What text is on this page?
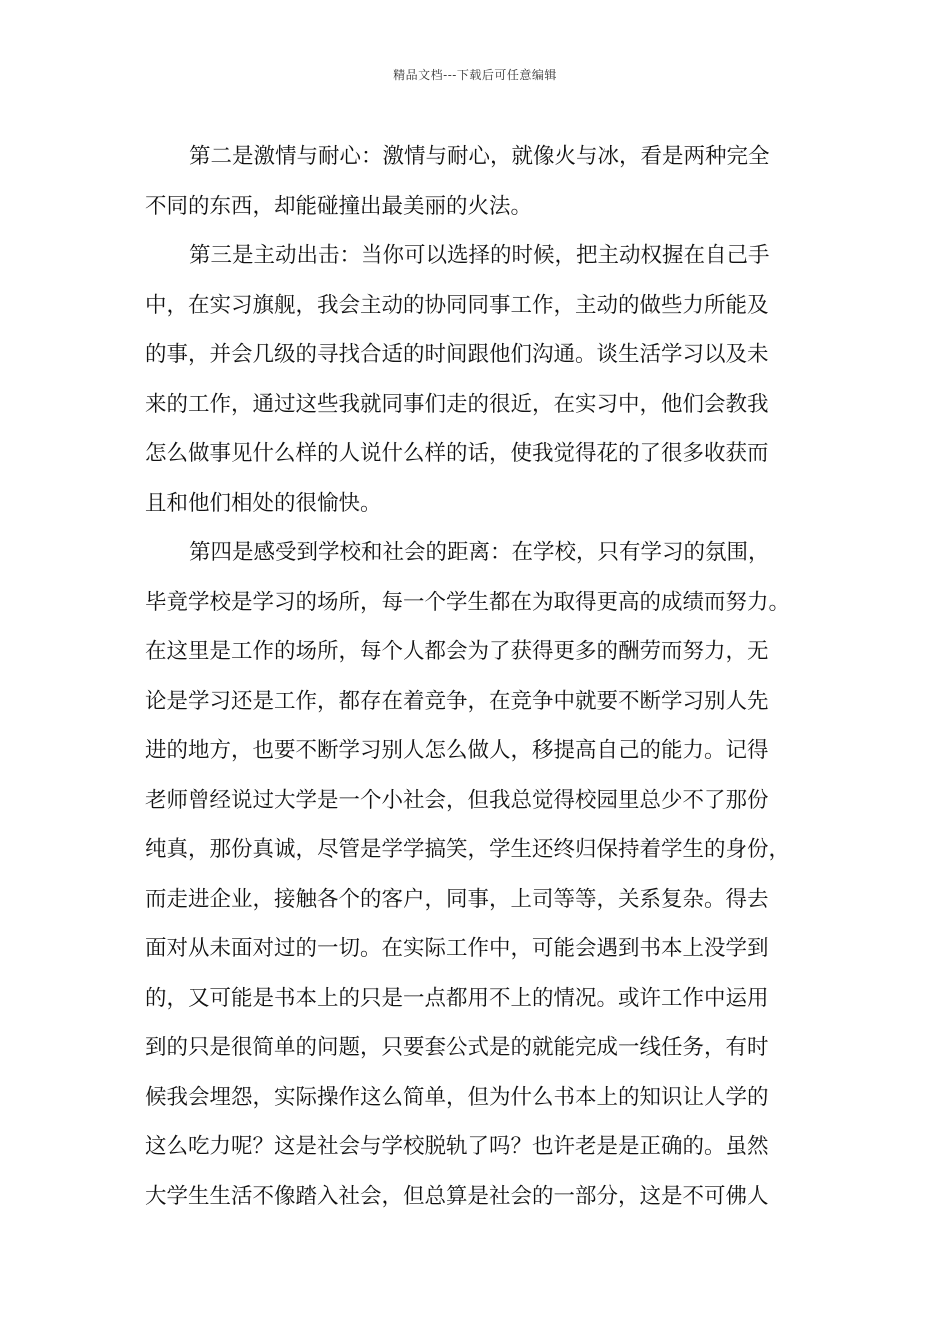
精品文档---下载后可任意编辑
第二是激情与耐心：激情与耐心，就像火与冰，看是两种完全
不同的东西，却能碰撞出最美丽的火法。
第三是主动出击：当你可以选择的时候，把主动权握在自己手
中，在实习旗舰，我会主动的协同同事工作，主动的做些力所能及
的事，并会几级的寻找合适的时间跟他们沟通。谈生活学习以及未
来的工作，通过这些我就同事们走的很近，在实习中，他们会教我
怎么做事见什么样的人说什么样的话，使我觉得花的了很多收获而
且和他们相处的很愉快。
第四是感受到学校和社会的距离：在学校，只有学习的氛围，
毕竟学校是学习的场所，每一个学生都在为取得更高的成绩而努力。
在这里是工作的场所，每个人都会为了获得更多的酬劳而努力，无
论是学习还是工作，都存在着竞争，在竞争中就要不断学习别人先
进的地方，也要不断学习别人怎么做人，移提高自己的能力。记得
老师曾经说过大学是一个小社会，但我总觉得校园里总少不了那份
纯真，那份真诚，尽管是学学搞笑，学生还终归保持着学生的身份，
而走进企业，接触各个的客户，同事，上司等等，关系复杂。得去
面对从未面对过的一切。在实际工作中，可能会遇到书本上没学到
的，又可能是书本上的只是一点都用不上的情况。或许工作中运用
到的只是很简单的问题，只要套公式是的就能完成一线任务，有时
候我会埋怨，实际操作这么简单，但为什么书本上的知识让人学的
这么吃力呢？这是社会与学校脱轨了吗？也许老是是正确的。虽然
大学生生活不像踏入社会，但总算是社会的一部分，这是不可佛人
